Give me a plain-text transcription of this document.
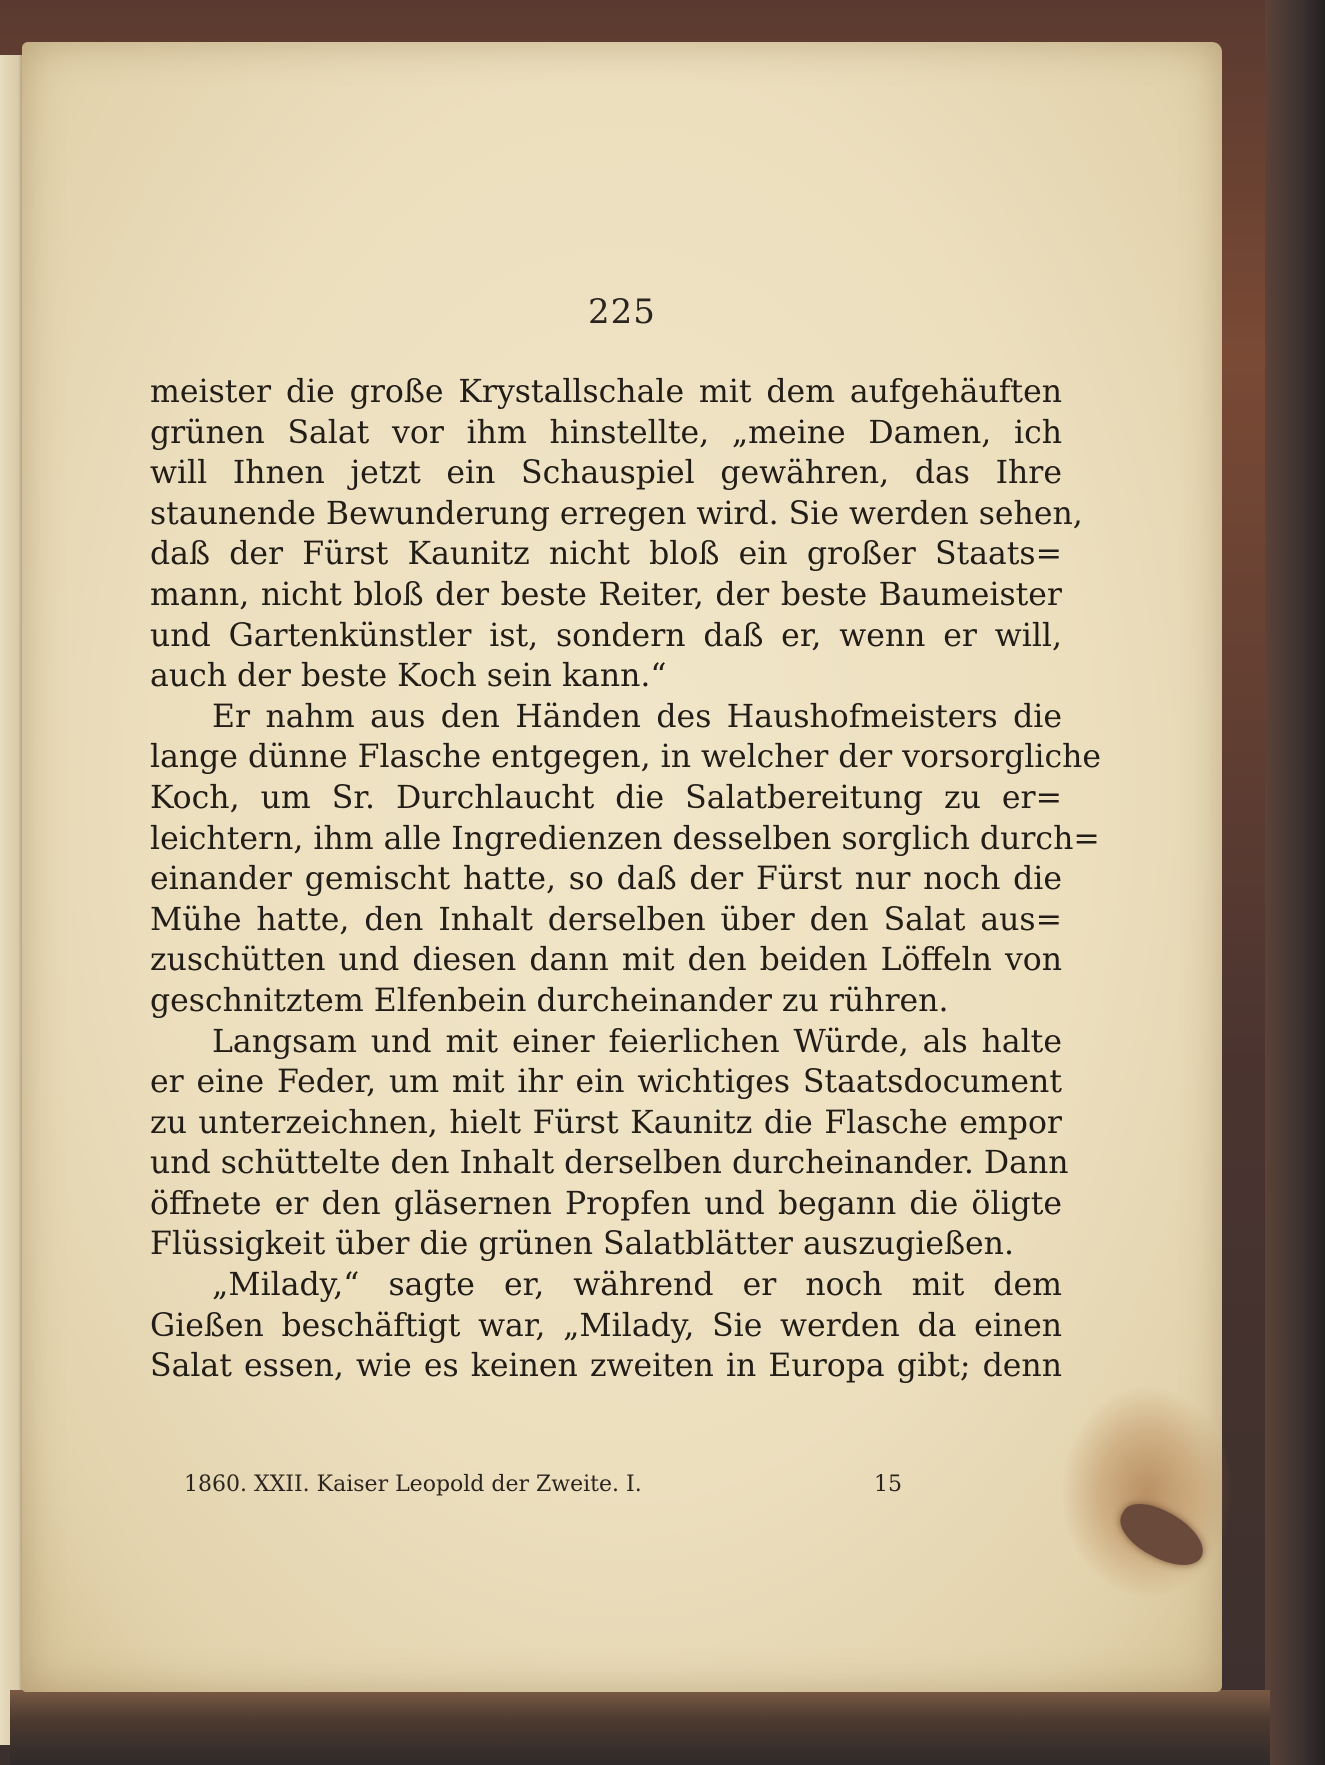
225
meister die große Krystallschale mit dem aufgehäuften
grünen Salat vor ihm hinstellte, „meine Damen, ich
will Ihnen jetzt ein Schauspiel gewähren, das Ihre
staunende Bewunderung erregen wird. Sie werden sehen,
daß der Fürst Kaunitz nicht bloß ein großer Staats=
mann, nicht bloß der beste Reiter, der beste Baumeister
und Gartenkünstler ist, sondern daß er, wenn er will,
auch der beste Koch sein kann.“
Er nahm aus den Händen des Haushofmeisters die
lange dünne Flasche entgegen, in welcher der vorsorgliche
Koch, um Sr. Durchlaucht die Salatbereitung zu er=
leichtern, ihm alle Ingredienzen desselben sorglich durch=
einander gemischt hatte, so daß der Fürst nur noch die
Mühe hatte, den Inhalt derselben über den Salat aus=
zuschütten und diesen dann mit den beiden Löffeln von
geschnitztem Elfenbein durcheinander zu rühren.
Langsam und mit einer feierlichen Würde, als halte
er eine Feder, um mit ihr ein wichtiges Staatsdocument
zu unterzeichnen, hielt Fürst Kaunitz die Flasche empor
und schüttelte den Inhalt derselben durcheinander. Dann
öffnete er den gläsernen Propfen und begann die öligte
Flüssigkeit über die grünen Salatblätter auszugießen.
„Milady,“ sagte er, während er noch mit dem
Gießen beschäftigt war, „Milady, Sie werden da einen
Salat essen, wie es keinen zweiten in Europa gibt; denn
1860. XXII. Kaiser Leopold der Zweite. I.	15
